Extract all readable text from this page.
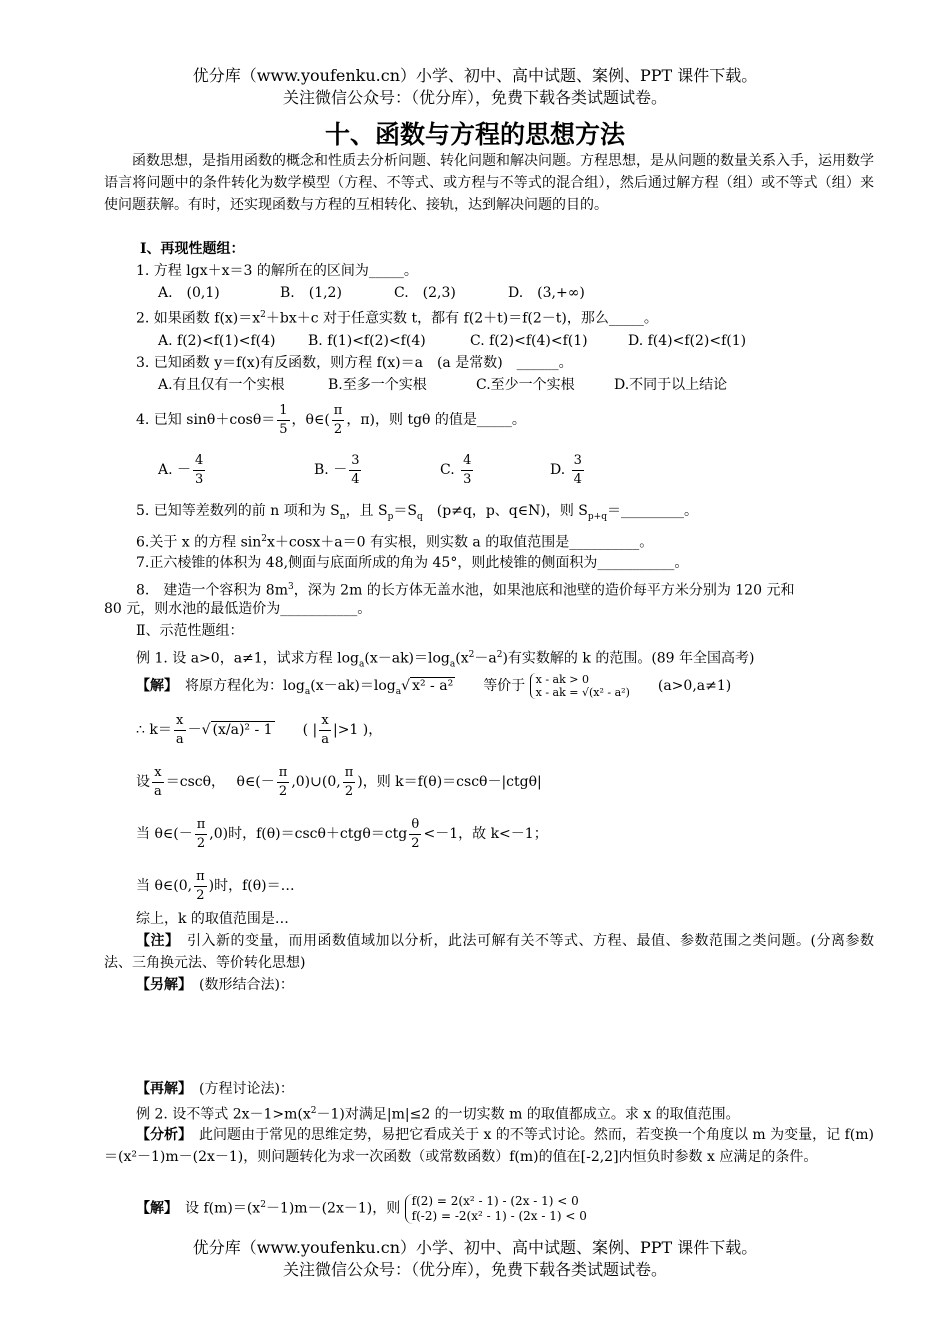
优分库（www.youfenku.cn）小学、初中、高中试题、案例、PPT 课件下载。
关注微信公众号：（优分库），免费下载各类试题试卷。
十、函数与方程的思想方法
函数思想，是指用函数的概念和性质去分析问题、转化问题和解决问题。方程思想，是从问题的数量关系入手，运用数学语言将问题中的条件转化为数学模型（方程、不等式、或方程与不等式的混合组），然后通过解方程（组）或不等式（组）来使问题获解。有时，还实现函数与方程的互相转化、接轨，达到解决问题的目的。
Ⅰ、再现性题组：
1. 方程 lgx＋x＝3 的解所在的区间为_____。
A.　(0,1)	B.　(1,2)	C.　(2,3)	D.　(3,+∞)
2. 如果函数 $f(x)=x^2+bx+c$ 对于任意实数 t，都有 f(2＋t)＝f(2－t)，那么_____。
A. f(2)<f(1)<f(4) B. f(1)<f(2)<f(4)	C. f(2)<f(4)<f(1)	D. f(4)<f(2)<f(1)
3. 已知函数 y＝f(x)有反函数，则方程 f(x)＝a　(a 是常数)　______。
A.有且仅有一个实根	B.至多一个实根	C.至少一个实根	D.不同于以上结论
4. 已知 $\sin\theta+\cos\theta= \frac{1}{5}$ ，θ∈( $\frac{\pi}{2}$ ，π)，则 tgθ 的值是_____。
A. － $\frac{4}{3}$	B. － $\frac{3}{4}$	C. $\frac{4}{3}$	D. $\frac{3}{4}$
5. 已知等差数列的前 n 项和为 $S_n$，且 $S_p=S_q$　(p≠q，p、q∈N)，则 $S_{p+q}=\_\_\_\_\_\_\_\_\_$。
6.关于 x 的方程 $\sin^2x+\cos x+a=0$ 有实根，则实数 a 的取值范围是__________。
7.正六棱锥的体积为 48,侧面与底面所成的角为 45°，则此棱锥的侧面积为___________。
8.　建造一个容积为 $8m^3$，深为 2m 的长方体无盖水池，如果池底和池壁的造价每平方米分别为 120 元和
80 元，则水池的最低造价为___________。
Ⅱ、示范性题组：
例 1. 设 a>0，a≠1，试求方程 $\log_a(x-ak)=\log_a(x^2-a^2)$有实数解的 k 的范围。(89 年全国高考)
【解】　 将原方程化为：$\log_a(x-ak)=\log_a√$ x² - a²　　 等价于 x - ak > 0
x - ak = √(x² - a²)
　　 (a>0,a≠1)
∴ $k= \frac{x}{a}$ －√ (x/a)² - 1　　 ( | $\frac{x}{a} |>1$ )，
设 $\frac{x}{a} =\csc\theta$，　 θ∈(－ $\frac{\pi}{2}$ ,0)∪(0, $\frac{\pi}{2}$ )，则 k＝f(θ)＝cscθ－|ctgθ|
当 θ∈(－ $\frac{\pi}{2} ,0$)时，$f(\theta)=\csc\theta+ctg\theta=ctg \frac{\theta}{2} <-1$，故 k<－1；
当 θ∈(0, $\frac{\pi}{2}$ )时，f(θ)＝…
综上，k 的取值范围是…
【注】　 引入新的变量，而用函数值域加以分析，此法可解有关不等式、方程、最值、参数范围之类问题。(分离参数法、三角换元法、等价转化思想)
【另解】　 (数形结合法)：
【再解】　 (方程讨论法)：
例 2. 设不等式 $2x-1>m(x^2-1)$对满足|m|≤2 的一切实数 m 的取值都成立。求 x 的取值范围。
【分析】　 此问题由于常见的思维定势，易把它看成关于 x 的不等式讨论。然而，若变换一个角度以 m 为变量，记 f(m)＝(x²－1)m－(2x－1)，则问题转化为求一次函数（或常数函数）f(m)的值在[-2,2]内恒负时参数 x 应满足的条件。
【解】　 设 $f(m)=(x^2-1)m-(2x-1)$，则 f(2) = 2(x² - 1) - (2x - 1) < 0
f(-2) = -2(x² - 1) - (2x - 1) < 0
优分库（www.youfenku.cn）小学、初中、高中试题、案例、PPT 课件下载。
关注微信公众号：（优分库），免费下载各类试题试卷。
